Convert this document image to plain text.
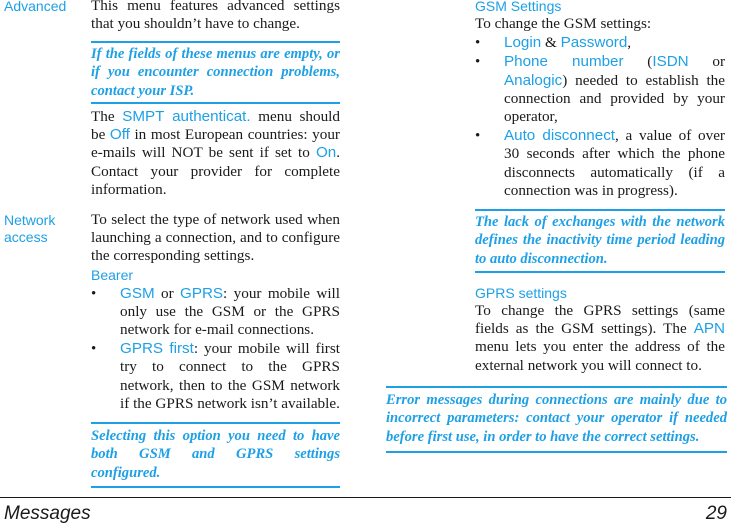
Advanced
Network access

This menu features advanced settings that you shouldn’t have to change.

If the fields of these menus are empty, or if you encounter connection problems, contact your ISP.

The SMPT authenticat. menu should be Off in most European countries: your e-mails will NOT be sent if set to On. Contact your provider for complete information.

To select the type of network used when launching a connection, and to configure the corresponding settings.

Bearer
• GSM or GPRS: your mobile will only use the GSM or the GPRS network for e-mail connections.
• GPRS first: your mobile will first try to connect to the GPRS network, then to the GSM network if the GPRS network isn’t available.
Selecting this option you need to have both GSM and GPRS settings configured.
GSM Settings

To change the GSM settings:

• Login & Password,
• Phone number (ISDN or Analogic) needed to establish the connection and provided by your operator,
• Auto disconnect, a value of over 30 seconds after which the phone disconnects automatically (if a connection was in progress).
The lack of exchanges with the network defines the inactivity time period leading to auto disconnection.
GPRS settings

To change the GPRS settings (same fields as the GSM settings). The APN menu lets you enter the address of the external network you will connect to.

Error messages during connections are mainly due to incorrect parameters: contact your operator if needed before first use, in order to have the correct settings.
Messages	29
